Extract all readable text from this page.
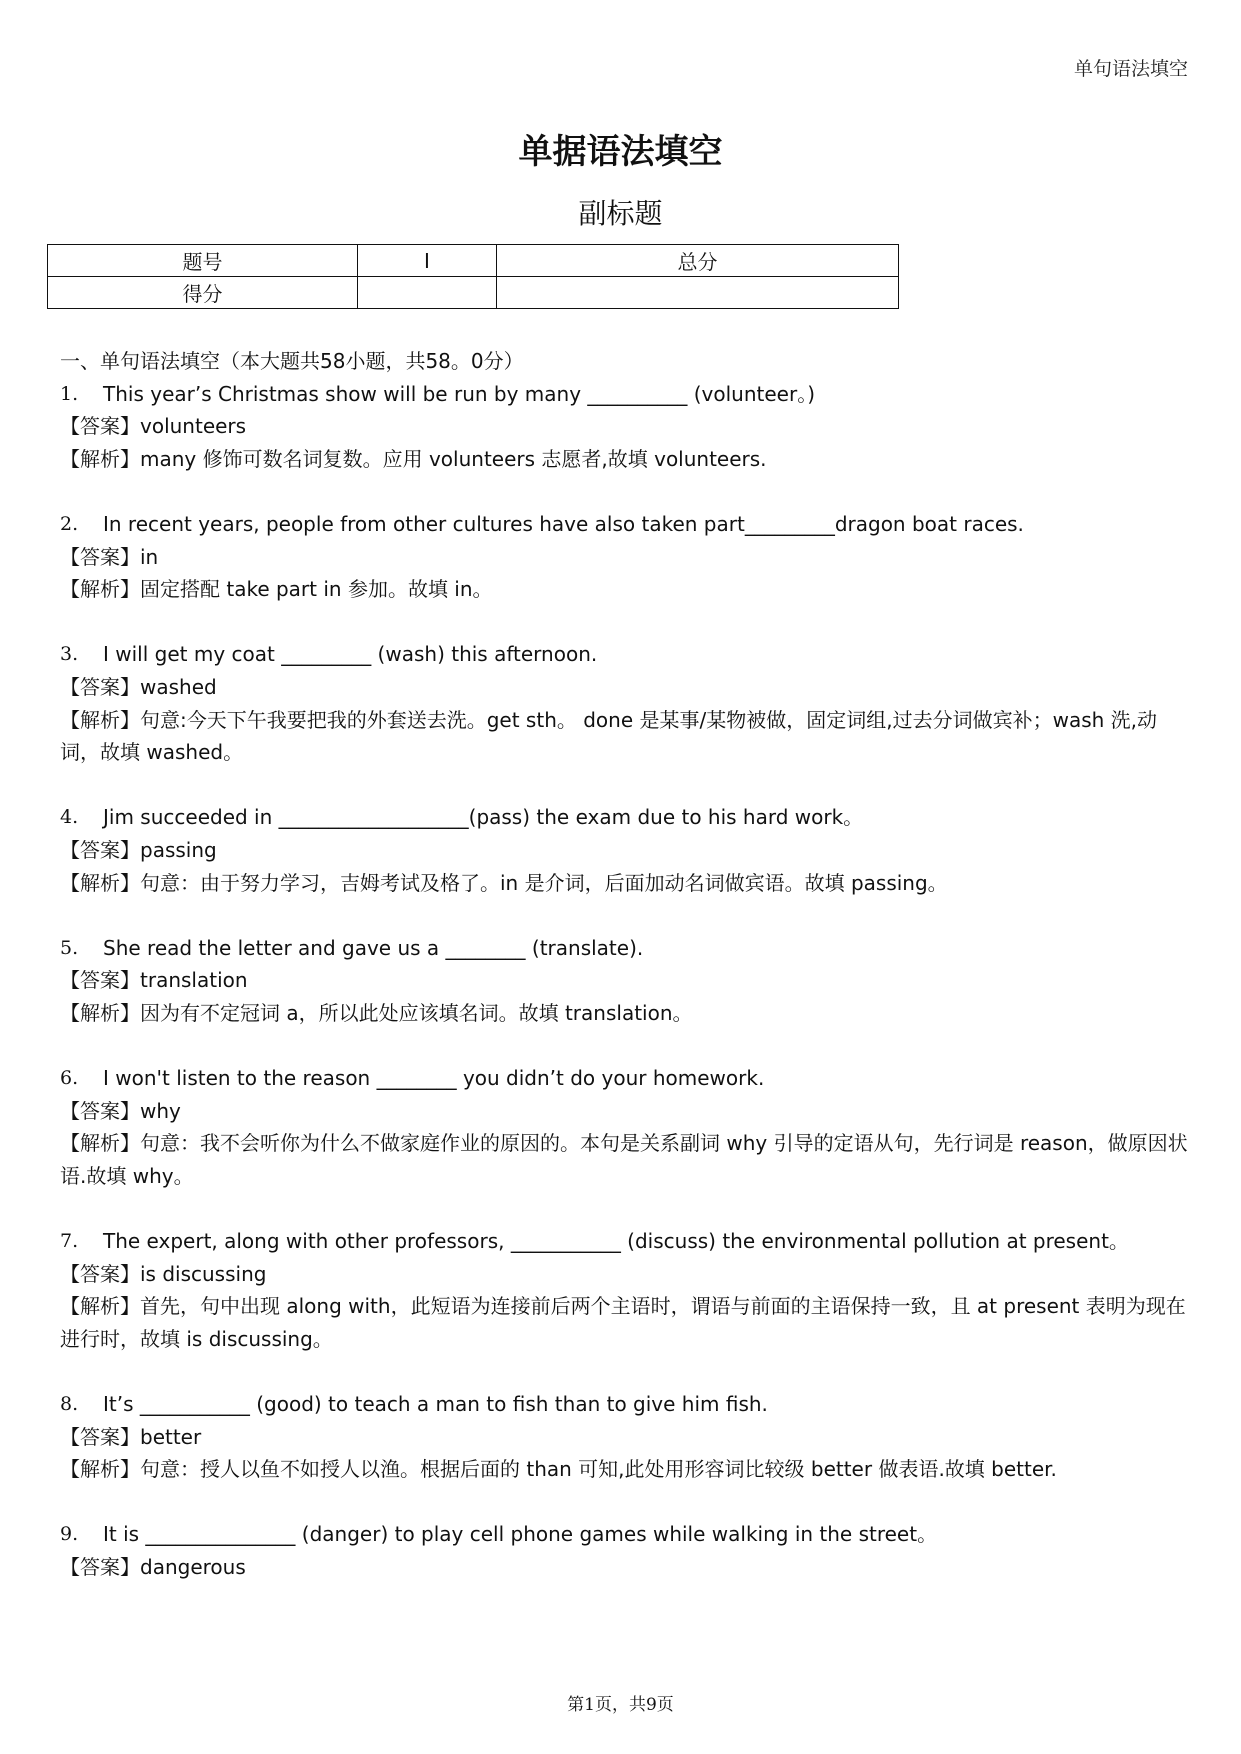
单句语法填空
单据语法填空
副标题
题号	I	总分
得分		
一、单句语法填空（本大题共58小题，共58。0分）
1.	This year’s Christmas show will be run by many __________ (volunteer。)
【答案】volunteers
【解析】many 修饰可数名词复数。应用 volunteers 志愿者,故填 volunteers.
2.	In recent years, people from other cultures have also taken part_________dragon boat races.
【答案】in
【解析】固定搭配 take part in 参加。故填 in。
3.	I will get my coat _________ (wash) this afternoon.
【答案】washed
【解析】句意:今天下午我要把我的外套送去洗。get sth。 done 是某事/某物被做，固定词组,过去分词做宾补；wash 洗,动词，故填 washed。
4.	Jim succeeded in ___________________(pass) the exam due to his hard work。
【答案】passing
【解析】句意：由于努力学习，吉姆考试及格了。in 是介词，后面加动名词做宾语。故填 passing。
5.	She read the letter and gave us a ________ (translate).
【答案】translation
【解析】因为有不定冠词 a，所以此处应该填名词。故填 translation。
6.	I won't listen to the reason ________ you didn’t do your homework.
【答案】why
【解析】句意：我不会听你为什么不做家庭作业的原因的。本句是关系副词 why 引导的定语从句，先行词是 reason，做原因状语.故填 why。
7.	The expert, along with other professors, ___________ (discuss) the environmental pollution at present。
【答案】is discussing
【解析】首先，句中出现 along with，此短语为连接前后两个主语时，谓语与前面的主语保持一致，且 at present 表明为现在进行时，故填 is discussing。
8.	It’s ___________ (good) to teach a man to fish than to give him fish.
【答案】better
【解析】句意：授人以鱼不如授人以渔。根据后面的 than 可知,此处用形容词比较级 better 做表语.故填 better.
9.	It is _______________ (danger) to play cell phone games while walking in the street。
【答案】dangerous
第1页，共9页
